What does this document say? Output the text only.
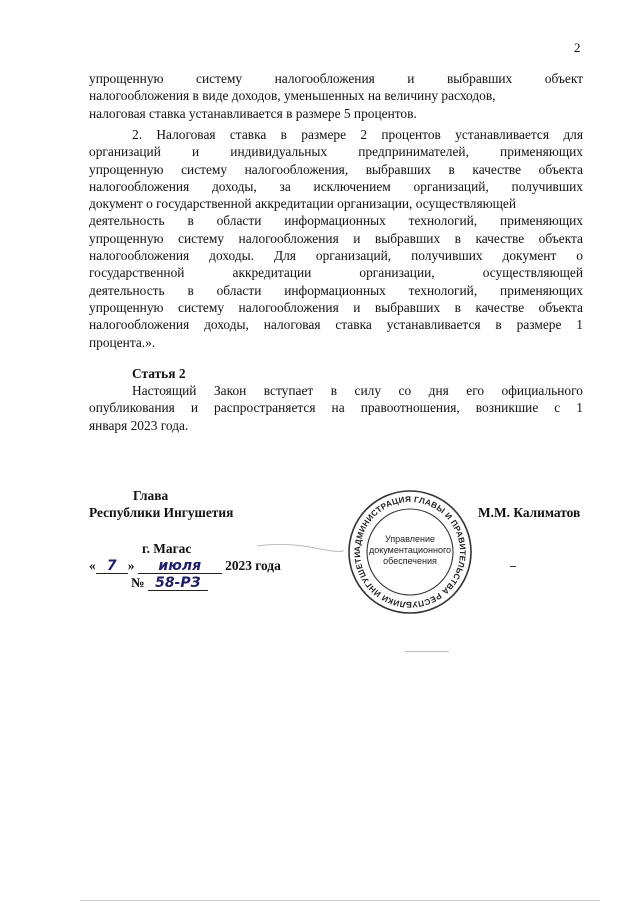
2
упрощенную систему налогообложения и выбравших объект
налогообложения в виде доходов, уменьшенных на величину расходов,
налоговая ставка устанавливается в размере 5 процентов.
2. Налоговая ставка в размере 2 процентов устанавливается для
организаций и индивидуальных предпринимателей, применяющих
упрощенную систему налогообложения, выбравших в качестве объекта
налогообложения доходы, за исключением организаций, получивших
документ о государственной аккредитации организации, осуществляющей
деятельность в области информационных технологий, применяющих
упрощенную систему налогообложения и выбравших в качестве объекта
налогообложения доходы. Для организаций, получивших документ о
государственной аккредитации организации, осуществляющей
деятельность в области информационных технологий, применяющих
упрощенную систему налогообложения и выбравших в качестве объекта
налогообложения доходы, налоговая ставка устанавливается в размере 1
процента.».
Статья 2
Настоящий Закон вступает в силу со дня его официального
опубликования и распространяется на правоотношения, возникшие с 1
января 2023 года.
Глава
Республики Ингушетия	М.М. Калиматов
г. Магас
« 7 » июля 2023 года
№ 58-РЗ
АДМИНИСТРАЦИЯ ГЛАВЫ И ПРАВИТЕЛЬСТВА РЕСПУБЛИКИ ИНГУШЕТИ
Управление
документационного
обеспечения
